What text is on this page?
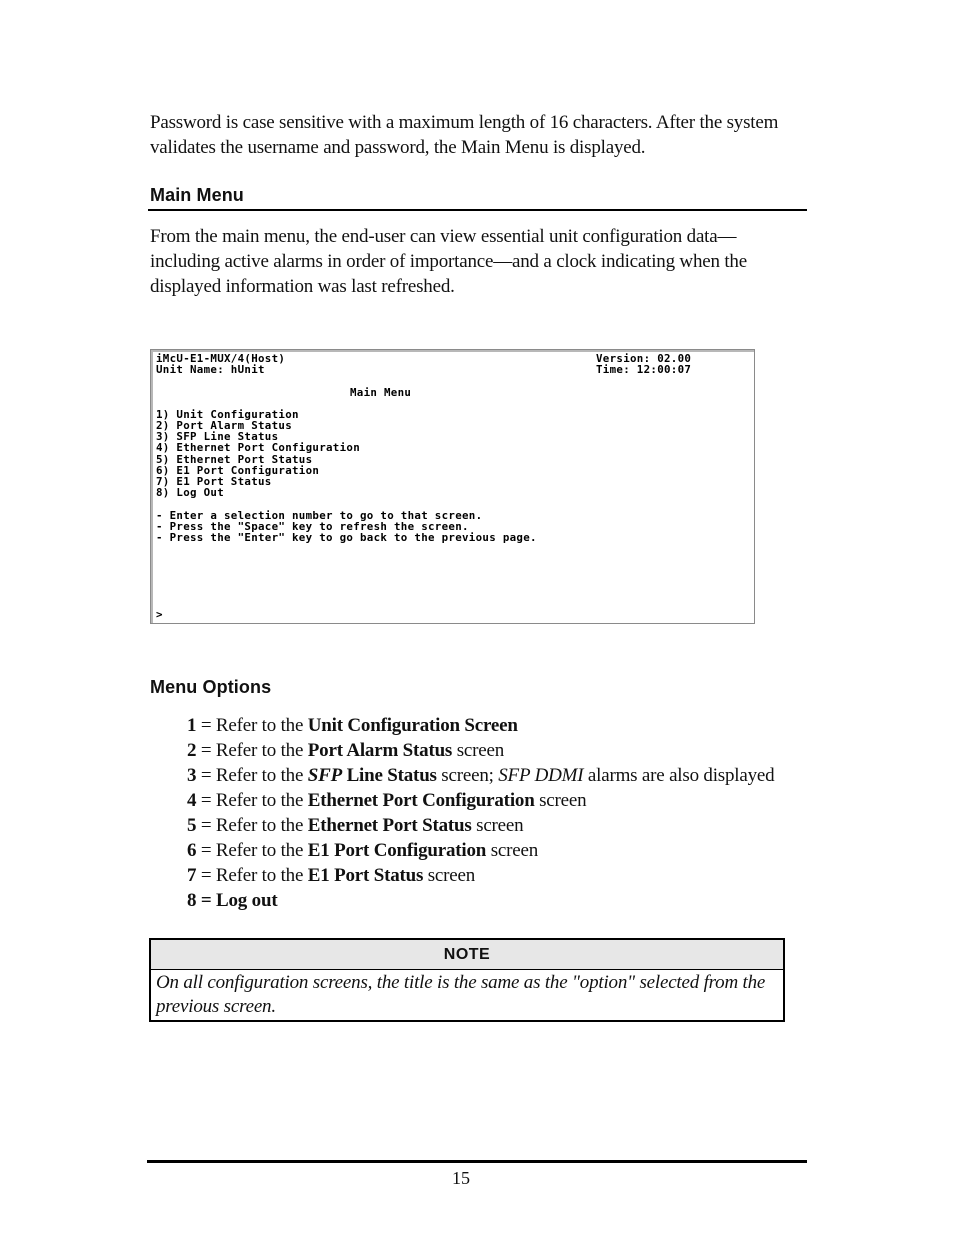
Password is case sensitive with a maximum length of 16 characters. After the system validates the username and password, the Main Menu is displayed.

Main Menu

From the main menu, the end-user can view essential unit configuration data—including active alarms in order of importance—and a clock indicating when the displayed information was last refreshed.

iMcU-E1-MUX/4(Host)
Unit Name: hUnit
Version: 02.00
Time: 12:00:07
Main Menu
1) Unit Configuration
2) Port Alarm Status
3) SFP Line Status
4) Ethernet Port Configuration
5) Ethernet Port Status
6) E1 Port Configuration
7) E1 Port Status
8) Log Out
- Enter a selection number to go to that screen.
- Press the "Space" key to refresh the screen.
- Press the "Enter" key to go back to the previous page.
>
Menu Options
1 = Refer to the Unit Configuration Screen
2 = Refer to the Port Alarm Status screen
3 = Refer to the SFP Line Status screen; SFP DDMI alarms are also displayed
4 = Refer to the Ethernet Port Configuration screen
5 = Refer to the Ethernet Port Status screen
6 = Refer to the E1 Port Configuration screen
7 = Refer to the E1 Port Status screen
8 = Log out
NOTE
On all configuration screens, the title is the same as the "option" selected from the previous screen.
15
